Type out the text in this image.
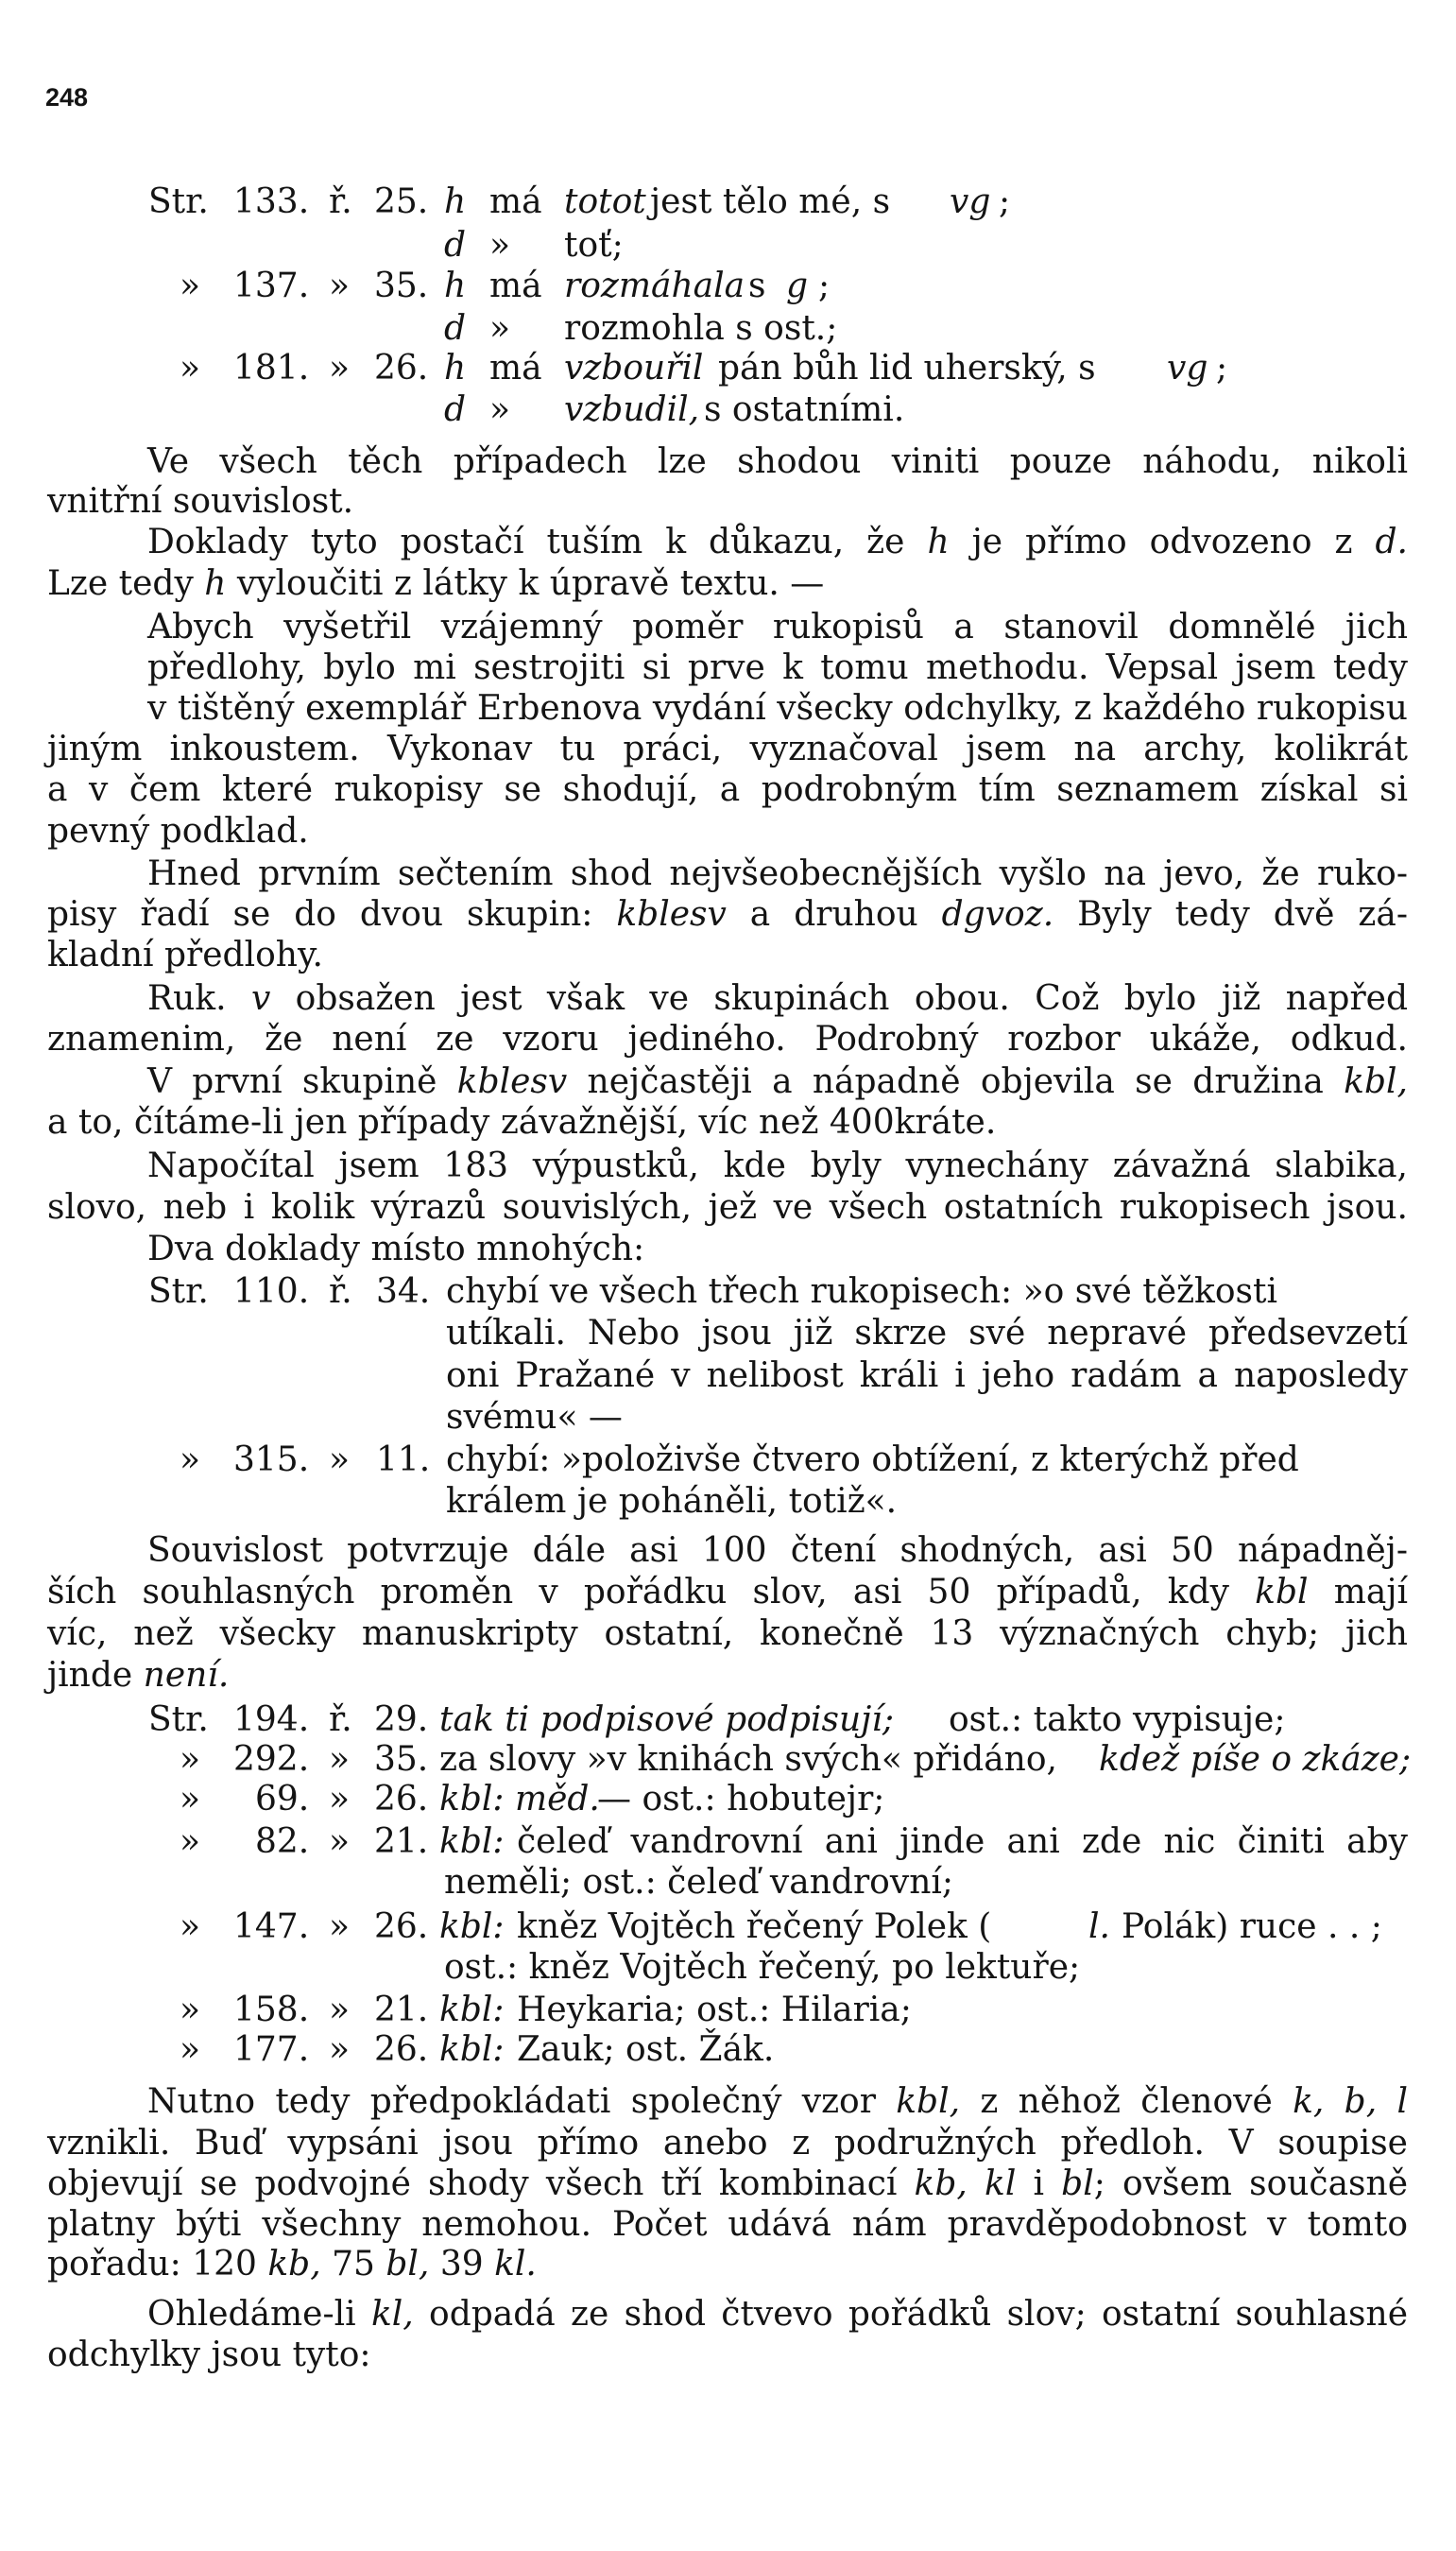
248
Str. 133. ř. 25. h má totot jest tělo mé, s vg ;
d » toť;
» 137. » 35. h má rozmáhala s g ;
d » rozmohla s ost.;
» 181. » 26. h má vzbouřil pán bůh lid uherský, s vg ;
d » vzbudil, s ostatními.
Ve všech těch případech lze shodou viniti pouze náhodu, nikoli
vnitřní souvislost.
Doklady tyto postačí tuším k důkazu, že h je přímo odvozeno z d.
Lze tedy h vyloučiti z látky k úpravě textu. —
Abych vyšetřil vzájemný poměr rukopisů a stanovil domnělé jich
předlohy, bylo mi sestrojiti si prve k tomu methodu. Vepsal jsem tedy
v tištěný exemplář Erbenova vydání všecky odchylky, z každého rukopisu
jiným inkoustem. Vykonav tu práci, vyznačoval jsem na archy, kolikrát
a v čem které rukopisy se shodují, a podrobným tím seznamem získal si
pevný podklad.
Hned prvním sečtením shod nejvšeobecnějších vyšlo na jevo, že ruko-
pisy řadí se do dvou skupin: kblesv a druhou dgvoz. Byly tedy dvě zá-
kladní předlohy.
Ruk. v obsažen jest však ve skupinách obou. Což bylo již napřed
znamenim, že není ze vzoru jediného. Podrobný rozbor ukáže, odkud.
V první skupině kblesv nejčastěji a nápadně objevila se družina kbl,
a to, čítáme-li jen případy závažnější, víc než 400kráte.
Napočítal jsem 183 výpustků, kde byly vynechány závažná slabika,
slovo, neb i kolik výrazů souvislých, jež ve všech ostatních rukopisech jsou.
Dva doklady místo mnohých:
Str. 110. ř. 34. chybí ve všech třech rukopisech: »o své těžkosti
utíkali. Nebo jsou již skrze své nepravé předsevzetí
oni Pražané v nelibost králi i jeho radám a naposledy
svému« —
» 315. » 11. chybí: »položivše čtvero obtížení, z kterýchž před
králem je poháněli, totiž«.
Souvislost potvrzuje dále asi 100 čtení shodných, asi 50 nápadněj-
ších souhlasných proměn v pořádku slov, asi 50 případů, kdy kbl mají
víc, než všecky manuskripty ostatní, konečně 13 význačných chyb; jich
jinde není.
Str. 194. ř. 29. tak ti podpisové podpisují; ost.: takto vypisuje;
» 292. » 35. za slovy »v knihách svých« přidáno, kdež píše o zkáze;
» 69. » 26. kbl: měd.
— ost.: hobutejr;
» 82. » 21. kbl: čeleď vandrovní ani jinde ani zde nic činiti aby
neměli; ost.: čeleď vandrovní;
» 147. » 26. kbl: kněz Vojtěch řečený Polek (	l. Polák) ruce . . ;
ost.: kněz Vojtěch řečený, po lektuře;
» 158. » 21. kbl: Heykaria; ost.: Hilaria;
» 177. » 26. kbl: Zauk; ost. Žák.
Nutno tedy předpokládati společný vzor kbl, z něhož členové k, b, l
vznikli. Buď vypsáni jsou přímo anebo z podružných předloh. V soupise
objevují se podvojné shody všech tří kombinací kb, kl i bl; ovšem současně
platny býti všechny nemohou. Počet udává nám pravděpodobnost v tomto
pořadu: 120 kb, 75 bl, 39 kl.
Ohledáme-li kl, odpadá ze shod čtvevo pořádků slov; ostatní souhlasné
odchylky jsou tyto:
